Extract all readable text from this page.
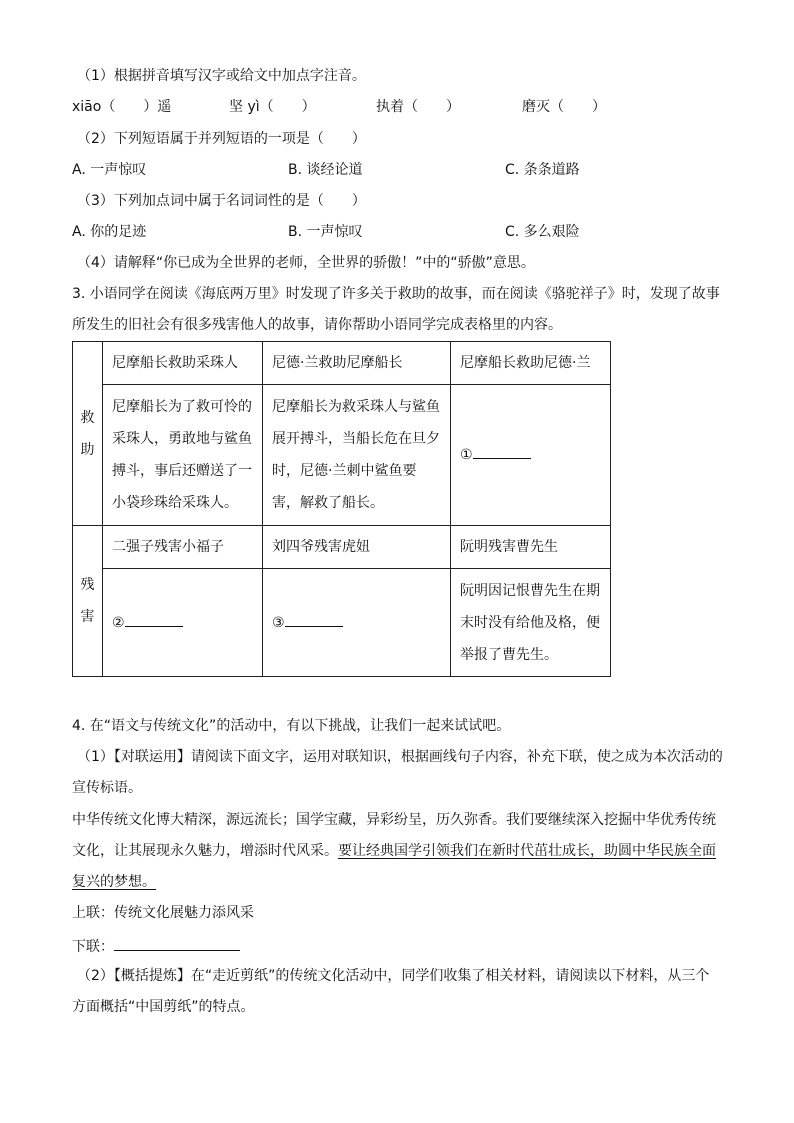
（1）根据拼音填写汉字或给文中加点字注音。
xiāo（　　）遥	坚 yì（　　）	执着（　　）	磨灭（　　）
（2）下列短语属于并列短语的一项是（　　）
A. 一声惊叹	B. 谈经论道	C. 条条道路
（3）下列加点词中属于名词词性的是（　　）
A. 你的足迹	B. 一声惊叹	C. 多么艰险
（4）请解释“你已成为全世界的老师，全世界的骄傲！”中的“骄傲”意思。
3. 小语同学在阅读《海底两万里》时发现了许多关于救助的故事，而在阅读《骆驼祥子》时，发现了故事
所发生的旧社会有很多残害他人的故事，请你帮助小语同学完成表格里的内容。
救
助	尼摩船长救助采珠人	尼德·兰救助尼摩船长	尼摩船长救助尼德·兰
	尼摩船长为了救可怜的采珠人，勇敢地与鲨鱼搏斗，事后还赠送了一小袋珍珠给采珠人。	尼摩船长为救采珠人与鲨鱼展开搏斗，当船长危在旦夕时，尼德·兰刺中鲨鱼要害，解救了船长。	①
残
害	二强子残害小福子	刘四爷残害虎妞	阮明残害曹先生
	②	③	阮明因记恨曹先生在期末时没有给他及格，便举报了曹先生。
4. 在“语文与传统文化”的活动中，有以下挑战，让我们一起来试试吧。
（1）【对联运用】请阅读下面文字，运用对联知识，根据画线句子内容，补充下联，使之成为本次活动的
宣传标语。
中华传统文化博大精深，源远流长；国学宝藏，异彩纷呈，历久弥香。我们要继续深入挖掘中华优秀传统
文化，让其展现永久魅力，增添时代风采。要让经典国学引领我们在新时代茁壮成长，助圆中华民族全面
复兴的梦想。
上联：传统文化展魅力添风采
下联：
（2）【概括提炼】在“走近剪纸”的传统文化活动中，同学们收集了相关材料，请阅读以下材料，从三个
方面概括“中国剪纸”的特点。
